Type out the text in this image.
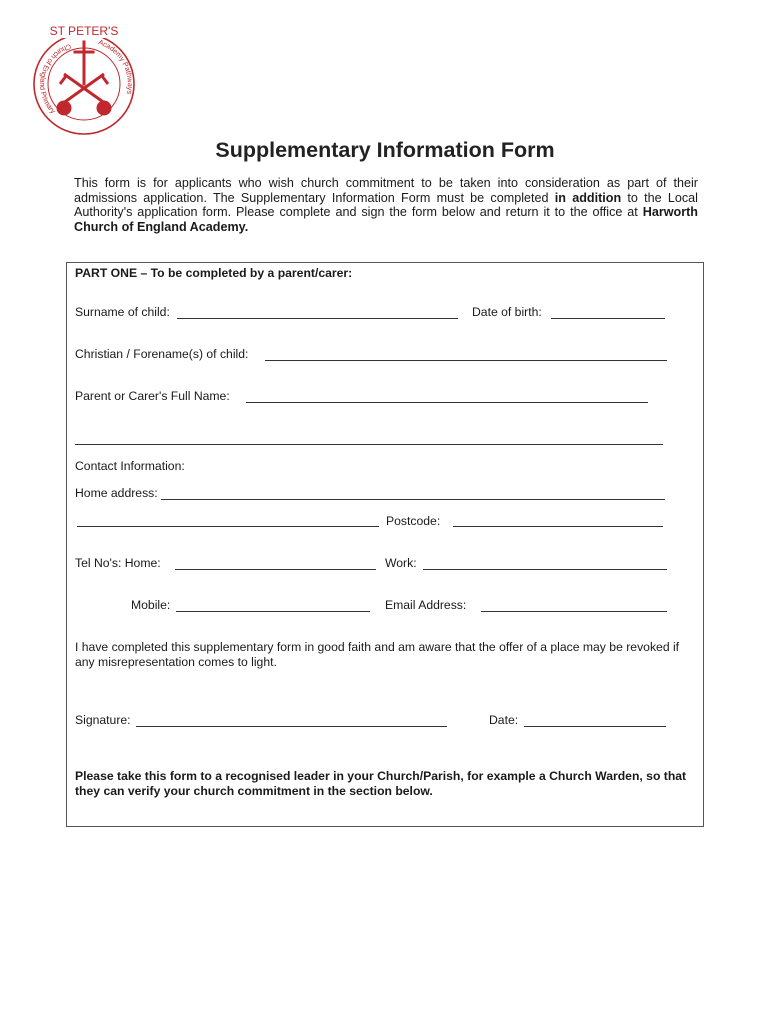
ST PETER'S
Church of England Primary
Academy Pathways
Supplementary Information Form
This form is for applicants who wish church commitment to be taken into consideration as part of their admissions application. The Supplementary Information Form must be completed in addition to the Local Authority's application form. Please complete and sign the form below and return it to the office at Harworth Church of England Academy.
PART ONE – To be completed by a parent/carer:
Surname of child:	Date of birth:
Christian / Forename(s) of child:
Parent or Carer's Full Name:
Contact Information:
Home address:
Postcode:
Tel No's: Home:	Work:
Mobile:	Email Address:
I have completed this supplementary form in good faith and am aware that the offer of a place may be revoked if any misrepresentation comes to light.
Signature:	Date:
Please take this form to a recognised leader in your Church/Parish, for example a Church Warden, so that they can verify your church commitment in the section below.
